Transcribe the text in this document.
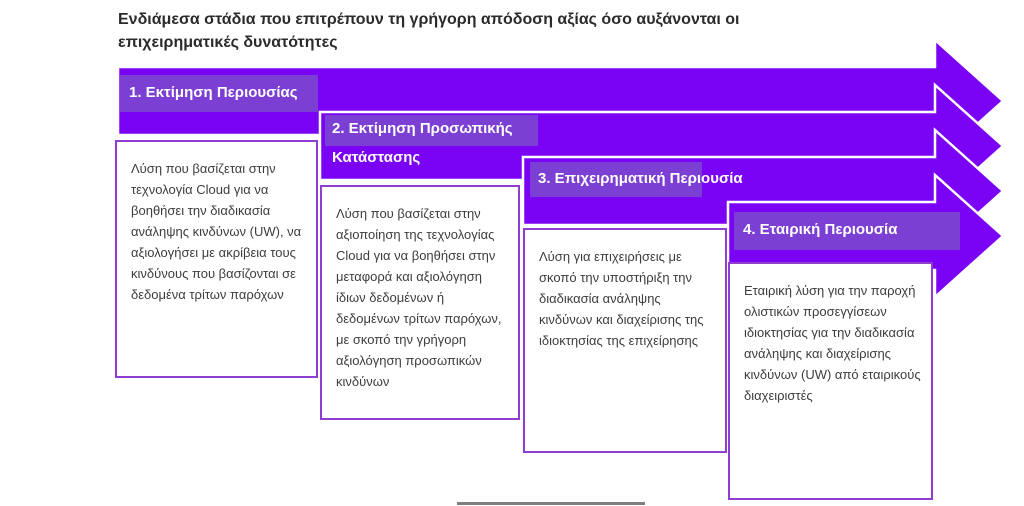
Ενδιάμεσα στάδια που επιτρέπουν τη γρήγορη απόδοση αξίας όσο αυξάνονται οι επιχειρηματικές δυνατότητες
1. Εκτίμηση Περιουσίας
2. Εκτίμηση Προσωπικής
Κατάστασης
3. Επιχειρηματική Περιουσία
4. Εταιρική Περιουσία

Λύση που βασίζεται στην τεχνολογία Cloud για να βοηθήσει την διαδικασία ανάληψης κινδύνων (UW), να αξιολογήσει με ακρίβεια τους κινδύνους που βασίζονται σε δεδομένα τρίτων παρόχων

Λύση που βασίζεται στην αξιοποίηση της τεχνολογίας Cloud για να βοηθήσει στην μεταφορά και αξιολόγηση ίδιων δεδομένων ή δεδομένων τρίτων παρόχων, με σκοπό την γρήγορη αξιολόγηση προσωπικών κινδύνων

Λύση για επιχειρήσεις με σκοπό την υποστήριξη την διαδικασία ανάληψης κινδύνων και διαχείρισης της ιδιοκτησίας της επιχείρησης

Εταιρική λύση για την παροχή ολιστικών προσεγγίσεων ιδιοκτησίας για την διαδικασία ανάληψης και διαχείρισης κινδύνων (UW) από εταιρικούς διαχειριστές
